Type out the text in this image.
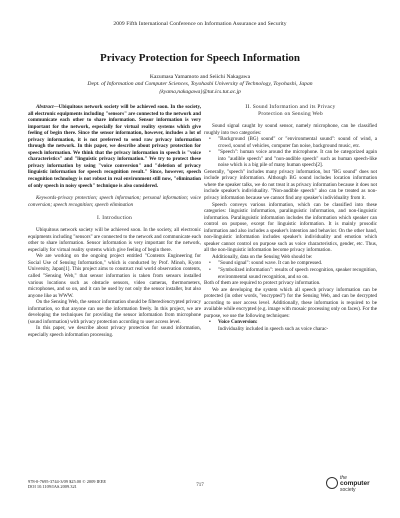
2009 Fifth International Conference on Information Assurance and Security
Privacy Protection for Speech Information
Kazumasa Yamamoto and Seiichi Nakagawa
Dept. of Information and Computer Sciences, Toyohashi University of Technology, Toyohashi, Japan
{kyama,nakagawa}@tut.ics.tut.ac.jp

Abstract—Ubiquitous network society will be achieved soon. In the society, all electronic equipments including "sensors" are connected to the network and communicate each other to share information. Sensor information is very important for the network, especially for virtual reality systems which give feeling of begin there. Since the sensor information, however, includes a lot of privacy information, it is not preferred to send raw privacy information through the network. In this paper, we describe about privacy protection for speech information. We think that the privacy information in speech is "voice characteristics" and "linguistic privacy information." We try to protect these privacy information by using "voice conversion" and "deletion of privacy linguistic information for speech recognition result." Since, however, speech recognition technology is not robust in real environment still now, "elimination of only speech in noisy speech" technique is also considered.

Keywords-privacy protection; speech information; personal information; voice conversion; speech recognition; speech elimination

I. Introduction

Ubiquitous network society will be achieved soon. In the society, all electronic equipments including "sensors" are connected to the network and communicate each other to share information. Sensor information is very important for the network, especially for virtual reality systems which give feeling of begin there.

We are working on the ongoing project entitled "Contents Engineering for Social Use of Sensing Information," which is conducted by Prof. Minoh, Kyoto University, Japan[1]. This project aims to construct real world observation contents, called "Sensing Web," that sensor information is taken from sensors installed various locations such as obstacle sensors, video cameras, thermometers, microphones, and so on, and it can be used by not only the sensor installer, but also anyone like as WWW.

On the Sensing Web, the sensor information should be filtered/encrypted privacy information, so that anyone can use the information freely. In this project, we are developing the techniques for providing the sensor information from microphone (sound information) with privacy protection according to user access level.

In this paper, we describe about privacy protection for sound information, especially speech information processing.

II. Sound Information and its Privacy
Protection on Sensing Web

Sound signal caught by sound sensor, namely microphone, can be classified roughly into two categories:

• "Background (BG) sound" or "environmental sound": sound of wind, a crowd, sound of vehicles, computer fan noise, background music, etc.
• "Speech": human voice around the microphone. It can be categorized again into "audible speech" and "non-audible speech" such as human speech-like noise which is a big pile of many human speech[2].

Generally, "speech" includes many privacy information, but "BG sound" does not include privacy information. Although BG sound includes location information where the speaker talks, we do not treat it as privacy information because it does not include speaker's individuality. "Non-audible speech" also can be treated as non-privacy information because we cannot find any speaker's individuality from it.

Speech conveys various information, which can be classified into these categories: linguistic information, paralinguistic information, and non-linguistic information. Paralinguistic information includes the information which speaker can control on purpose, except for linguistic information. It is mainly prosodic information and also includes a speaker's intention and behavior. On the other hand, non-linguistic information includes speaker's individuality and emotion which speaker cannot control on purpose such as voice characteristics, gender, etc. Thus, all the non-linguistic information become privacy information.

Additionally, data on the Sensing Web should be:

• "Sound signal": sound wave. It can be compressed.
• "Symbolized information": results of speech recognition, speaker recognition, environmental sound recognition, and so on.

Both of them are required to protect privacy information.

We are developing the system which all speech privacy information can be protected (in other words, "encrypted") for the Sensing Web, and can be decrypted according to user access level. Additionally, these information is required to be available while encrypted (e.g. image with mosaic processing only on faces). For the purpose, we use the following techniques:

• Voice Conversion:
Individuality included in speech such as voice charac-
978-0-7695-3744-3/09 $25.00 © 2009 IEEE
DOI 10.1109/IAS.2009.321	717
the
computer
society
